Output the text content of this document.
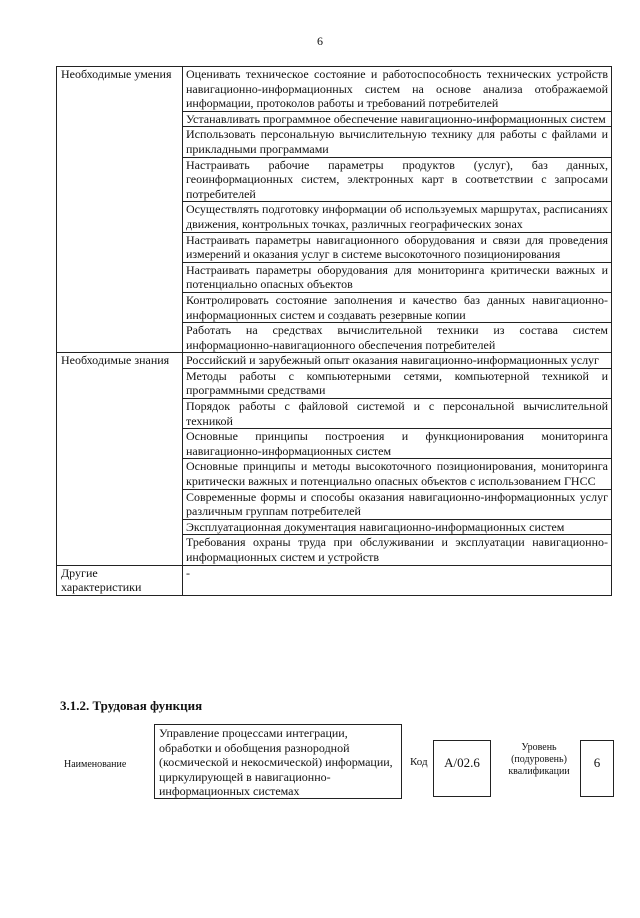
6
Необходимые умения	Оценивать техническое состояние и работоспособность технических устройств навигационно-информационных систем на основе анализа отображаемой информации, протоколов работы и требований потребителей
	Устанавливать программное обеспечение навигационно-информационных систем
	Использовать персональную вычислительную технику для работы с файлами и прикладными программами
	Настраивать рабочие параметры продуктов (услуг), баз данных, геоинформационных систем, электронных карт в соответствии с запросами потребителей
	Осуществлять подготовку информации об используемых маршрутах, расписаниях движения, контрольных точках, различных географических зонах
	Настраивать параметры навигационного оборудования и связи для проведения измерений и оказания услуг в системе высокоточного позиционирования
	Настраивать параметры оборудования для мониторинга критически важных и потенциально опасных объектов
	Контролировать состояние заполнения и качество баз данных навигационно-информационных систем и создавать резервные копии
	Работать на средствах вычислительной техники из состава систем информационно-навигационного обеспечения потребителей
Необходимые знания	Российский и зарубежный опыт оказания навигационно-информационных услуг
	Методы работы с компьютерными сетями, компьютерной техникой и программными средствами
	Порядок работы с файловой системой и с персональной вычислительной техникой
	Основные принципы построения и функционирования мониторинга навигационно-информационных систем
	Основные принципы и методы высокоточного позиционирования, мониторинга критически важных и потенциально опасных объектов с использованием ГНСС
	Современные формы и способы оказания навигационно-информационных услуг различным группам потребителей
	Эксплуатационная документация навигационно-информационных систем
	Требования охраны труда при обслуживании и эксплуатации навигационно-информационных систем и устройств
Другие характеристики	-
3.1.2. Трудовая функция
Наименование
Управление процессами интеграции, обработки и обобщения разнородной (космической и некосмической) информации, циркулирующей в навигационно-информационных системах
Код	A/02.6
Уровень (подуровень) квалификации
6
